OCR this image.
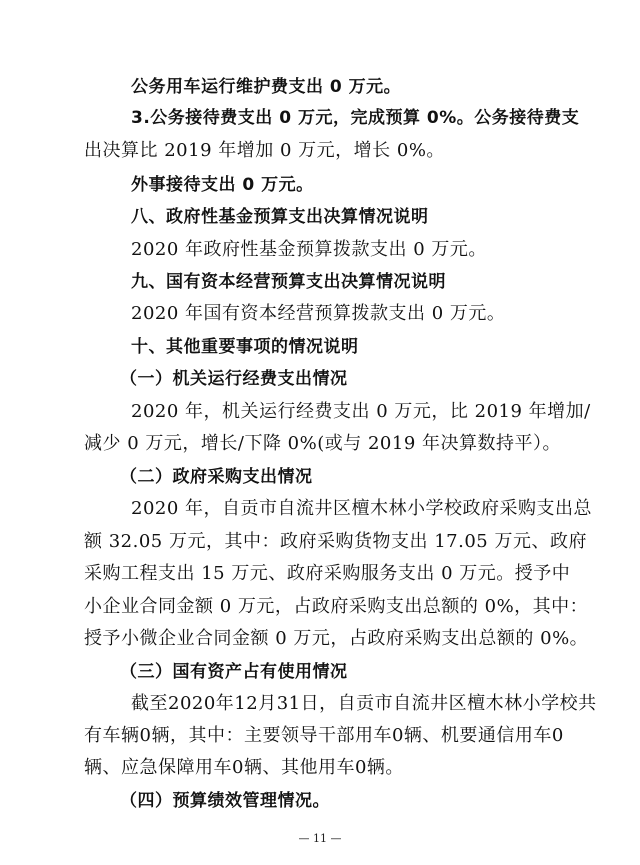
公务用车运行维护费支出 0 万元。
3.公务接待费支出 0 万元，完成预算 0%。公务接待费支
出决算比 2019 年增加 0 万元，增长 0%。
外事接待支出 0 万元。
八、政府性基金预算支出决算情况说明
2020 年政府性基金预算拨款支出 0 万元。
九、国有资本经营预算支出决算情况说明
2020 年国有资本经营预算拨款支出 0 万元。
十、其他重要事项的情况说明
（一）机关运行经费支出情况
2020 年，机关运行经费支出 0 万元，比 2019 年增加/
减少 0 万元，增长/下降 0%(或与 2019 年决算数持平）。
（二）政府采购支出情况
2020 年，自贡市自流井区檀木林小学校政府采购支出总
额 32.05 万元，其中：政府采购货物支出 17.05 万元、政府
采购工程支出 15 万元、政府采购服务支出 0 万元。授予中
小企业合同金额 0 万元，占政府采购支出总额的 0%，其中：
授予小微企业合同金额 0 万元，占政府采购支出总额的 0%。
（三）国有资产占有使用情况
截至2020年12月31日，自贡市自流井区檀木林小学校共
有车辆0辆，其中：主要领导干部用车0辆、机要通信用车0
辆、应急保障用车0辆、其他用车0辆。
（四）预算绩效管理情况。
— 11 —
